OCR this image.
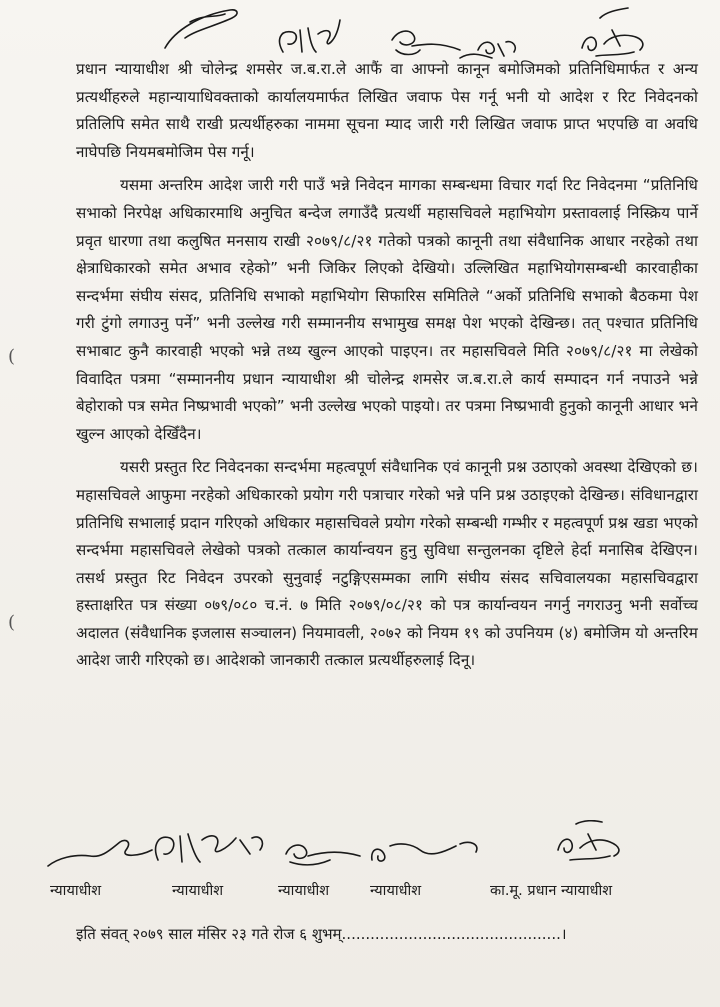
(
(

प्रधान न्यायाधीश श्री चोलेन्द्र शमसेर ज.ब.रा.ले आफैं वा आफ्नो कानून बमोजिमको प्रतिनिधिमार्फत र अन्य प्रत्यर्थीहरुले महान्यायाधिवक्ताको कार्यालयमार्फत लिखित जवाफ पेस गर्नू भनी यो आदेश र रिट निवेदनको प्रतिलिपि समेत साथै राखी प्रत्यर्थीहरुका नाममा सूचना म्याद जारी गरी लिखित जवाफ प्राप्त भएपछि वा अवधि नाघेपछि नियमबमोजिम पेस गर्नू।

यसमा अन्तरिम आदेश जारी गरी पाउँ भन्ने निवेदन मागका सम्बन्धमा विचार गर्दा रिट निवेदनमा “प्रतिनिधि सभाको निरपेक्ष अधिकारमाथि अनुचित बन्देज लगाउँदै प्रत्यर्थी महासचिवले महाभियोग प्रस्तावलाई निस्क्रिय पार्ने प्रवृत धारणा तथा कलुषित मनसाय राखी २०७९/८/२१ गतेको पत्रको कानूनी तथा संवैधानिक आधार नरहेको तथा क्षेत्राधिकारको समेत अभाव रहेको” भनी जिकिर लिएको देखियो। उल्लिखित महाभियोगसम्बन्धी कारवाहीका सन्दर्भमा संघीय संसद, प्रतिनिधि सभाको महाभियोग सिफारिस समितिले “अर्को प्रतिनिधि सभाको बैठकमा पेश गरी टुंगो लगाउनु पर्ने” भनी उल्लेख गरी सम्माननीय सभामुख समक्ष पेश भएको देखिन्छ। तत् पश्चात प्रतिनिधि सभाबाट कुनै कारवाही भएको भन्ने तथ्य खुल्न आएको पाइएन। तर महासचिवले मिति २०७९/८/२१ मा लेखेको विवादित पत्रमा “सम्माननीय प्रधान न्यायाधीश श्री चोलेन्द्र शमसेर ज.ब.रा.ले कार्य सम्पादन गर्न नपाउने भन्ने बेहोराको पत्र समेत निष्प्रभावी भएको” भनी उल्लेख भएको पाइयो। तर पत्रमा निष्प्रभावी हुनुको कानूनी आधार भने खुल्न आएको देखिँदैन।

यसरी प्रस्तुत रिट निवेदनका सन्दर्भमा महत्वपूर्ण संवैधानिक एवं कानूनी प्रश्न उठाएको अवस्था देखिएको छ। महासचिवले आफुमा नरहेको अधिकारको प्रयोग गरी पत्राचार गरेको भन्ने पनि प्रश्न उठाइएको देखिन्छ। संविधानद्वारा प्रतिनिधि सभालाई प्रदान गरिएको अधिकार महासचिवले प्रयोग गरेको सम्बन्धी गम्भीर र महत्वपूर्ण प्रश्न खडा भएको सन्दर्भमा महासचिवले लेखेको पत्रको तत्काल कार्यान्वयन हुनु सुविधा सन्तुलनका दृष्टिले हेर्दा मनासिब देखिएन। तसर्थ प्रस्तुत रिट निवेदन उपरको सुनुवाई नटुङ्गिएसम्मका लागि संघीय संसद सचिवालयका महासचिवद्वारा हस्ताक्षरित पत्र संख्या ०७९/०८० च.नं. ७ मिति २०७९/०८/२१ को पत्र कार्यान्वयन नगर्नु नगराउनु भनी सर्वोच्च अदालत (संवैधानिक इजलास सञ्चालन) नियमावली, २०७२ को नियम १९ को उपनियम (४) बमोजिम यो अन्तरिम आदेश जारी गरिएको छ। आदेशको जानकारी तत्काल प्रत्यर्थीहरुलाई दिनू।

न्यायाधीश	न्यायाधीश	न्यायाधीश	न्यायाधीश	का.मू. प्रधान न्यायाधीश
इति संवत् २०७९ साल मंसिर २३ गते रोज ६ शुभम्..............................................।
